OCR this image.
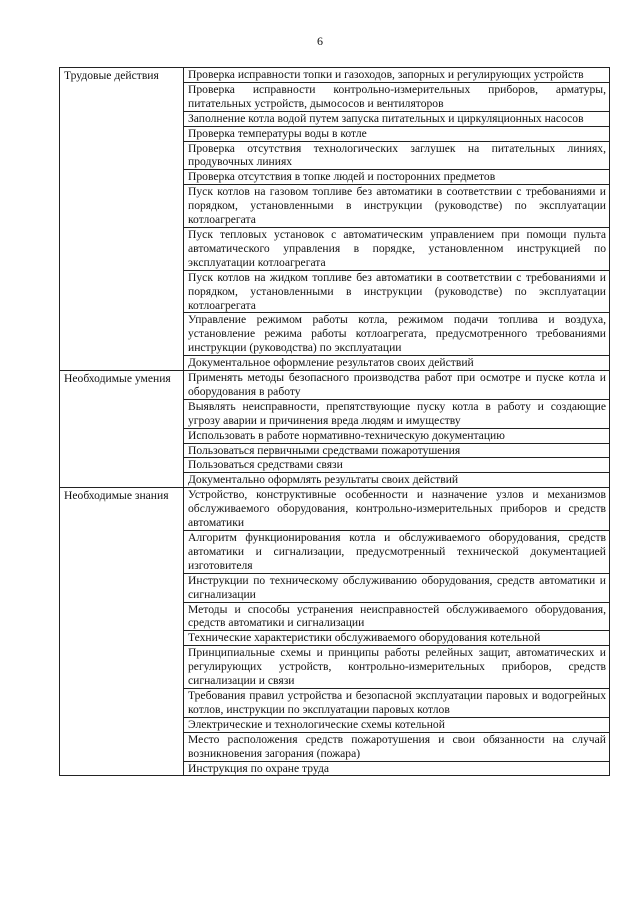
6
Трудовые действия	Проверка исправности топки и газоходов, запорных и регулирующих устройств
	Проверка исправности контрольно-измерительных приборов, арматуры, питательных устройств, дымососов и вентиляторов
	Заполнение котла водой путем запуска питательных и циркуляционных насосов
	Проверка температуры воды в котле
	Проверка отсутствия технологических заглушек на питательных линиях, продувочных линиях
	Проверка отсутствия в топке людей и посторонних предметов
	Пуск котлов на газовом топливе без автоматики в соответствии с требованиями и порядком, установленными в инструкции (руководстве) по эксплуатации котлоагрегата
	Пуск тепловых установок с автоматическим управлением при помощи пульта автоматического управления в порядке, установленном инструкцией по эксплуатации котлоагрегата
	Пуск котлов на жидком топливе без автоматики в соответствии с требованиями и порядком, установленными в инструкции (руководстве) по эксплуатации котлоагрегата
	Управление режимом работы котла, режимом подачи топлива и воздуха, установление режима работы котлоагрегата, предусмотренного требованиями инструкции (руководства) по эксплуатации
	Документальное оформление результатов своих действий
Необходимые умения	Применять методы безопасного производства работ при осмотре и пуске котла и оборудования в работу
	Выявлять неисправности, препятствующие пуску котла в работу и создающие угрозу аварии и причинения вреда людям и имуществу
	Использовать в работе нормативно-техническую документацию
	Пользоваться первичными средствами пожаротушения
	Пользоваться средствами связи
	Документально оформлять результаты своих действий
Необходимые знания	Устройство, конструктивные особенности и назначение узлов и механизмов обслуживаемого оборудования, контрольно-измерительных приборов и средств автоматики
	Алгоритм функционирования котла и обслуживаемого оборудования, средств автоматики и сигнализации, предусмотренный технической документацией изготовителя
	Инструкции по техническому обслуживанию оборудования, средств автоматики и сигнализации
	Методы и способы устранения неисправностей обслуживаемого оборудования, средств автоматики и сигнализации
	Технические характеристики обслуживаемого оборудования котельной
	Принципиальные схемы и принципы работы релейных защит, автоматических и регулирующих устройств, контрольно-измерительных приборов, средств сигнализации и связи
	Требования правил устройства и безопасной эксплуатации паровых и водогрейных котлов, инструкции по эксплуатации паровых котлов
	Электрические и технологические схемы котельной
	Место расположения средств пожаротушения и свои обязанности на случай возникновения загорания (пожара)
	Инструкция по охране труда
